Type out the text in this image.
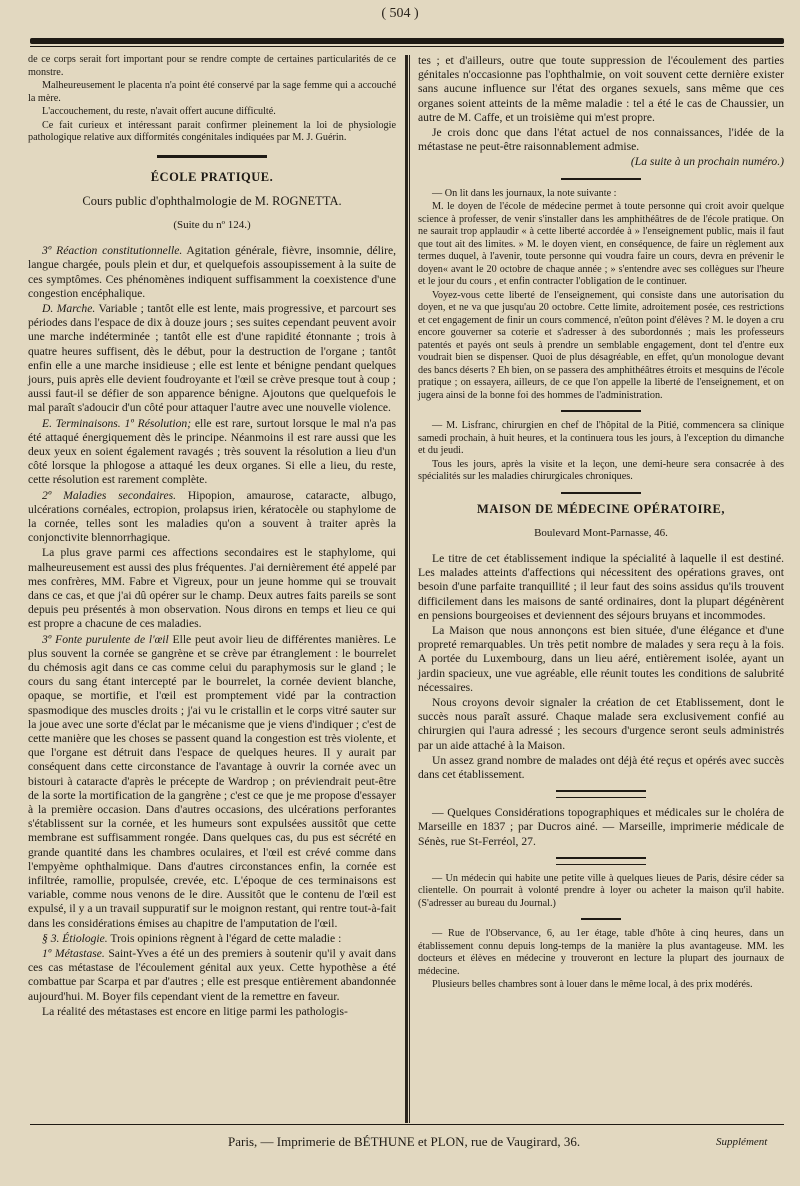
( 504 )

de ce corps serait fort important pour se rendre compte de certaines particularités de ce monstre.

Malheureusement le placenta n'a point été conservé par la sage femme qui a accouché la mère.

L'accouchement, du reste, n'avait offert aucune difficulté.

Ce fait curieux et intéressant parait confirmer pleinement la loi de physiologie pathologique relative aux difformités congénitales indiquées par M. J. Guérin.

ÉCOLE PRATIQUE.
Cours public d'ophthalmologie de M. ROGNETTA.
(Suite du nº 124.)

3º Réaction constitutionnelle. Agitation générale, fièvre, insomnie, délire, langue chargée, pouls plein et dur, et quelquefois assoupissement à la suite de ces symptômes. Ces phénomènes indiquent suffisamment la coexistence d'une congestion encéphalique.

D. Marche. Variable ; tantôt elle est lente, mais progressive, et parcourt ses périodes dans l'espace de dix à douze jours ; ses suites cependant peuvent avoir une marche indéterminée ; tantôt elle est d'une rapidité étonnante ; trois à quatre heures suffisent, dès le début, pour la destruction de l'organe ; tantôt enfin elle a une marche insidieuse ; elle est lente et bénigne pendant quelques jours, puis après elle devient foudroyante et l'œil se crève presque tout à coup ; aussi faut-il se défier de son apparence bénigne. Ajoutons que quelquefois le mal paraît s'adoucir d'un côté pour attaquer l'autre avec une nouvelle violence.

E. Terminaisons. 1º Résolution; elle est rare, surtout lorsque le mal n'a pas été attaqué énergiquement dès le principe. Néanmoins il est rare aussi que les deux yeux en soient également ravagés ; très souvent la résolution a lieu d'un côté lorsque la phlogose a attaqué les deux organes. Si elle a lieu, du reste, cette résolution est rarement complète.

2º Maladies secondaires. Hipopion, amaurose, cataracte, albugo, ulcérations cornéales, ectropion, prolapsus irien, kératocèle ou staphylome de la cornée, telles sont les maladies qu'on a souvent à traiter après la conjonctivite blennorrhagique.

La plus grave parmi ces affections secondaires est le staphylome, qui malheureusement est aussi des plus fréquentes. J'ai dernièrement été appelé par mes confrères, MM. Fabre et Vigreux, pour un jeune homme qui se trouvait dans ce cas, et que j'ai dû opérer sur le champ. Deux autres faits pareils se sont depuis peu présentés à mon observation. Nous dirons en temps et lieu ce qui est propre a chacune de ces maladies.

3º Fonte purulente de l'œil Elle peut avoir lieu de différentes manières. Le plus souvent la cornée se gangrène et se crève par étranglement : le bourrelet du chémosis agit dans ce cas comme celui du paraphymosis sur le gland ; le cours du sang étant intercepté par le bourrelet, la cornée devient blanche, opaque, se mortifie, et l'œil est promptement vidé par la contraction spasmodique des muscles droits ; j'ai vu le cristallin et le corps vitré sauter sur la joue avec une sorte d'éclat par le mécanisme que je viens d'indiquer ; c'est de cette manière que les choses se passent quand la congestion est très violente, et que l'organe est détruit dans l'espace de quelques heures. Il y aurait par conséquent dans cette circonstance de l'avantage à ouvrir la cornée avec un bistouri à cataracte d'après le précepte de Wardrop ; on préviendrait peut-être de la sorte la mortification de la gangrène ; c'est ce que je me propose d'essayer à la première occasion. Dans d'autres occasions, des ulcérations perforantes s'établissent sur la cornée, et les humeurs sont expulsées aussitôt que cette membrane est suffisamment rongée. Dans quelques cas, du pus est sécrété en grande quantité dans les chambres oculaires, et l'œil est crévé comme dans l'empyème ophthalmique. Dans d'autres circonstances enfin, la cornée est infiltrée, ramollie, propulsée, crevée, etc. L'époque de ces terminaisons est variable, comme nous venons de le dire. Aussitôt que le contenu de l'œil est expulsé, il y a un travail suppuratif sur le moignon restant, qui rentre tout-à-fait dans les considérations émises au chapitre de l'amputation de l'œil.

§ 3. Étiologie. Trois opinions règnent à l'égard de cette maladie :

1º Métastase. Saint-Yves a été un des premiers à soutenir qu'il y avait dans ces cas métastase de l'écoulement génital aux yeux. Cette hypothèse a été combattue par Scarpa et par d'autres ; elle est presque entièrement abandonnée aujourd'hui. M. Boyer fils cependant vient de la remettre en faveur.

La réalité des métastases est encore en litige parmi les pathologis-

tes ; et d'ailleurs, outre que toute suppression de l'écoulement des parties génitales n'occasionne pas l'ophthalmie, on voit souvent cette dernière exister sans aucune influence sur l'état des organes sexuels, sans même que ces organes soient atteints de la même maladie : tel a été le cas de Chaussier, un autre de M. Caffe, et un troisième qui m'est propre.

Je crois donc que dans l'état actuel de nos connaissances, l'idée de la métastase ne peut-être raisonnablement admise.

(La suite à un prochain numéro.)

— On lit dans les journaux, la note suivante :

M. le doyen de l'école de médecine permet à toute personne qui croit avoir quelque science à professer, de venir s'installer dans les amphithéâtres de de l'école pratique. On ne saurait trop applaudir « à cette liberté accordée à » l'enseignement public, mais il faut que tout ait des limites. » M. le doyen vient, en conséquence, de faire un règlement aux termes duquel, à l'avenir, toute personne qui voudra faire un cours, devra en prévenir le doyen« avant le 20 octobre de chaque année ; » s'entendre avec ses collègues sur l'heure et le jour du cours , et enfin contracter l'obligation de le continuer.

Voyez-vous cette liberté de l'enseignement, qui consiste dans une autorisation du doyen, et ne va que jusqu'au 20 octobre. Cette limite, adroitement posée, ces restrictions et cet engagement de finir un cours commencé, n'eûton point d'élèves ? M. le doyen a cru encore gouverner sa coterie et s'adresser à des subordonnés ; mais les professeurs patentés et payés ont seuls à prendre un semblable engagement, dont tel d'entre eux voudrait bien se dispenser. Quoi de plus désagréable, en effet, qu'un monologue devant des bancs déserts ? Eh bien, on se passera des amphithéâtres étroits et mesquins de l'école pratique ; on essayera, ailleurs, de ce que l'on appelle la liberté de l'enseignement, et on jugera ainsi de la bonne foi des hommes de l'administration.

— M. Lisfranc, chirurgien en chef de l'hôpital de la Pitié, commencera sa clinique samedi prochain, à huit heures, et la continuera tous les jours, à l'exception du dimanche et du jeudi.

Tous les jours, après la visite et la leçon, une demi-heure sera consacrée à des spécialités sur les maladies chirurgicales chroniques.

MAISON DE MÉDECINE OPÉRATOIRE,
Boulevard Mont-Parnasse, 46.

Le titre de cet établissement indique la spécialité à laquelle il est destiné. Les malades atteints d'affections qui nécessitent des opérations graves, ont besoin d'une parfaite tranquillité ; il leur faut des soins assidus qu'ils trouvent difficilement dans les maisons de santé ordinaires, dont la plupart dégénèrent en pensions bourgeoises et deviennent des séjours bruyans et incommodes.

La Maison que nous annonçons est bien située, d'une élégance et d'une propreté remarquables. Un très petit nombre de malades y sera reçu à la fois. A portée du Luxembourg, dans un lieu aéré, entièrement isolée, ayant un jardin spacieux, une vue agréable, elle réunit toutes les conditions de salubrité nécessaires.

Nous croyons devoir signaler la création de cet Etablissement, dont le succès nous paraît assuré. Chaque malade sera exclusivement confié au chirurgien qui l'aura adressé ; les secours d'urgence seront seuls administrés par un aide attaché à la Maison.

Un assez grand nombre de malades ont déjà été reçus et opérés avec succès dans cet établissement.

— Quelques Considérations topographiques et médicales sur le choléra de Marseille en 1837 ; par Ducros ainé. — Marseille, imprimerie médicale de Sénès, rue St-Ferréol, 27.

— Un médecin qui habite une petite ville à quelques lieues de Paris, désire céder sa clientelle. On pourrait à volonté prendre à loyer ou acheter la maison qu'il habite. (S'adresser au bureau du Journal.)

— Rue de l'Observance, 6, au 1er étage, table d'hôte à cinq heures, dans un établissement connu depuis long-temps de la manière la plus avantageuse. MM. les docteurs et élèves en médecine y trouveront en lecture la plupart des journaux de médecine.

Plusieurs belles chambres sont à louer dans le même local, à des prix modérés.

Paris, — Imprimerie de BÉTHUNE et PLON, rue de Vaugirard, 36.	Supplément
